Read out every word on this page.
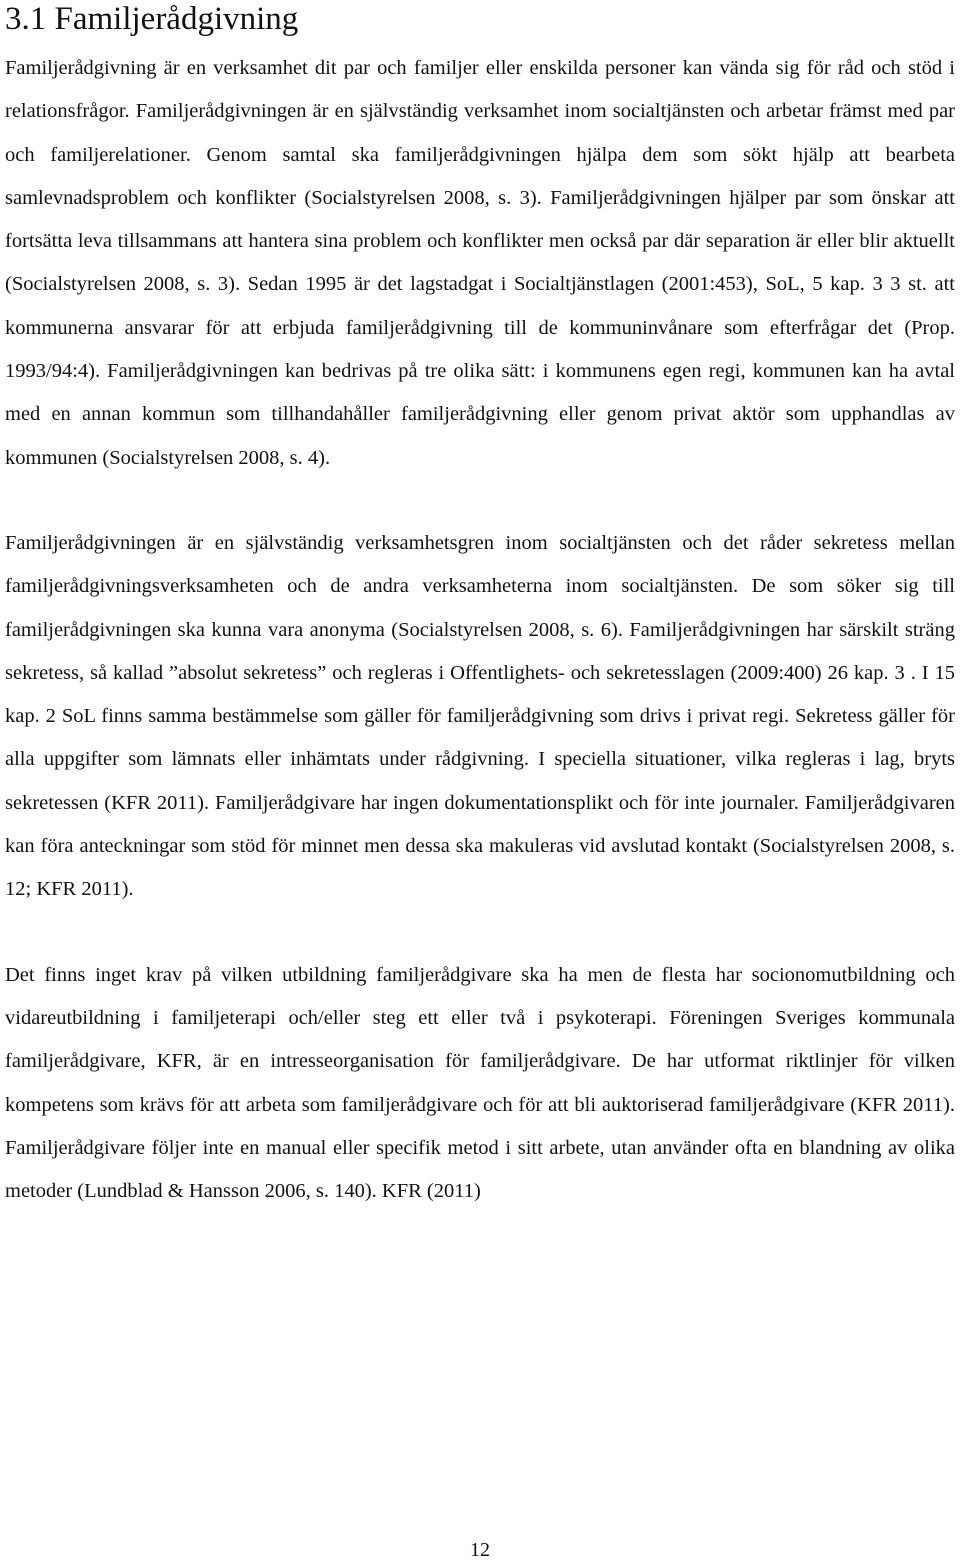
3.1 Familjerådgivning

Familjerådgivning är en verksamhet dit par och familjer eller enskilda personer kan vända sig för råd och stöd i relationsfrågor. Familjerådgivningen är en självständig verksamhet inom socialtjänsten och arbetar främst med par och familjerelationer. Genom samtal ska familjerådgivningen hjälpa dem som sökt hjälp att bearbeta samlevnadsproblem och konflikter (Socialstyrelsen 2008, s. 3). Familjerådgivningen hjälper par som önskar att fortsätta leva tillsammans att hantera sina problem och konflikter men också par där separation är eller blir aktuellt (Socialstyrelsen 2008, s. 3). Sedan 1995 är det lagstadgat i Socialtjänstlagen (2001:453), SoL, 5 kap. 3 3 st. att kommunerna ansvarar för att erbjuda familjerådgivning till de kommuninvånare som efterfrågar det (Prop. 1993/94:4). Familjerådgivningen kan bedrivas på tre olika sätt: i kommunens egen regi, kommunen kan ha avtal med en annan kommun som tillhandahåller familjerådgivning eller genom privat aktör som upphandlas av kommunen (Socialstyrelsen 2008, s. 4).

Familjerådgivningen är en självständig verksamhetsgren inom socialtjänsten och det råder sekretess mellan familjerådgivningsverksamheten och de andra verksamheterna inom socialtjänsten. De som söker sig till familjerådgivningen ska kunna vara anonyma (Socialstyrelsen 2008, s. 6). Familjerådgivningen har särskilt sträng sekretess, så kallad ”absolut sekretess” och regleras i Offentlighets- och sekretesslagen (2009:400) 26 kap. 3 . I 15 kap. 2 SoL finns samma bestämmelse som gäller för familjerådgivning som drivs i privat regi. Sekretess gäller för alla uppgifter som lämnats eller inhämtats under rådgivning. I speciella situationer, vilka regleras i lag, bryts sekretessen (KFR 2011). Familjerådgivare har ingen dokumentationsplikt och för inte journaler. Familjerådgivaren kan föra anteckningar som stöd för minnet men dessa ska makuleras vid avslutad kontakt (Socialstyrelsen 2008, s. 12; KFR 2011).

Det finns inget krav på vilken utbildning familjerådgivare ska ha men de flesta har socionomutbildning och vidareutbildning i familjeterapi och/eller steg ett eller två i psykoterapi. Föreningen Sveriges kommunala familjerådgivare, KFR, är en intresseorganisation för familjerådgivare. De har utformat riktlinjer för vilken kompetens som krävs för att arbeta som familjerådgivare och för att bli auktoriserad familjerådgivare (KFR 2011). Familjerådgivare följer inte en manual eller specifik metod i sitt arbete, utan använder ofta en blandning av olika metoder (Lundblad & Hansson 2006, s. 140). KFR (2011)

12
